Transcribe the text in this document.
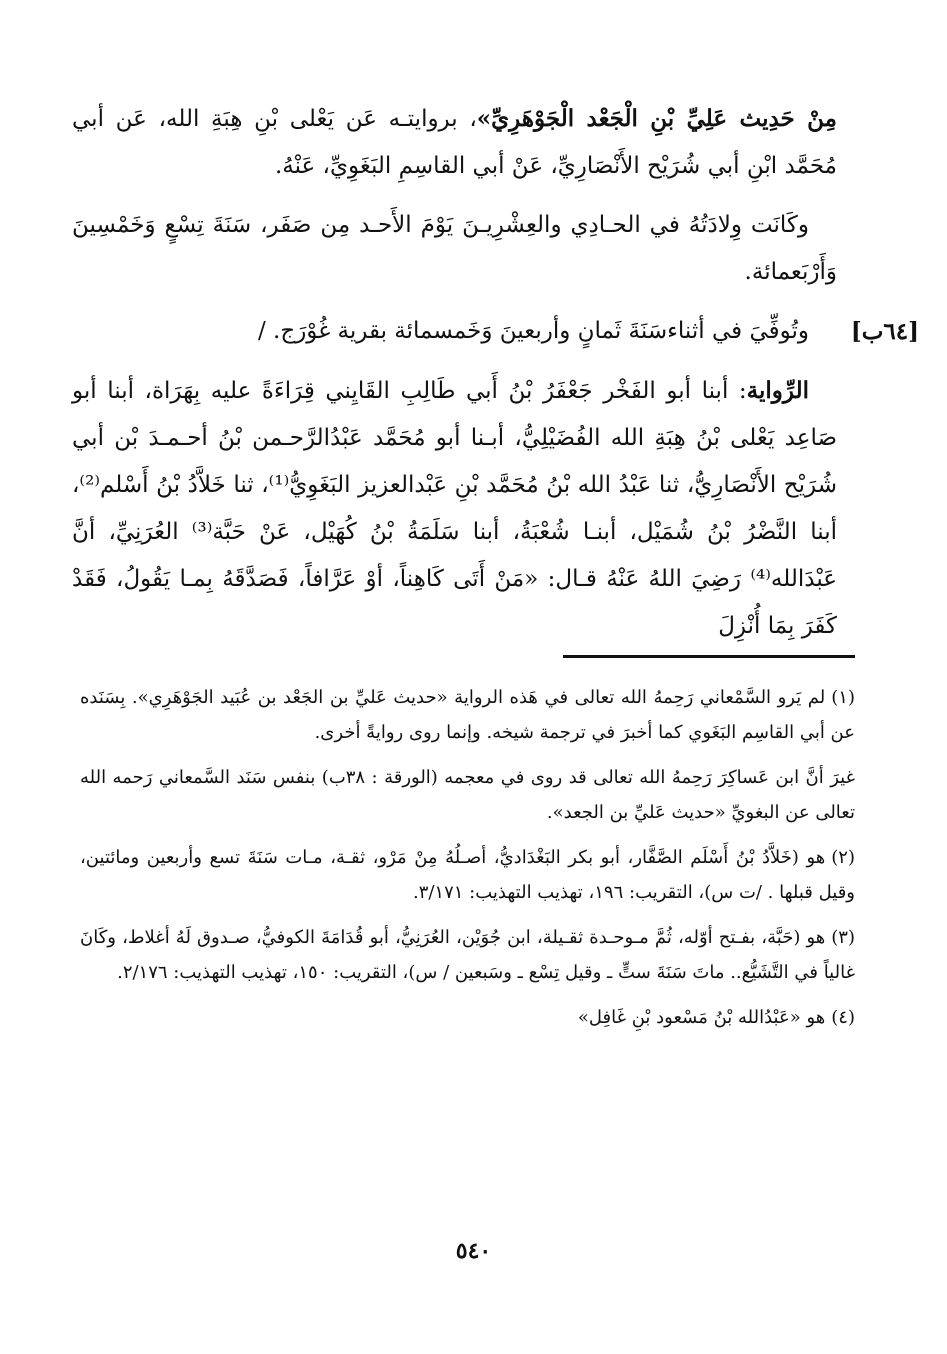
مِنْ حَدِيث عَلِيِّ بْنِ الْجَعْد الْجَوْهَرِيِّ»، بروايتـه عَن يَعْلى بْنِ هِبَةِ الله، عَن أبي مُحَمَّد ابْنِ أبي شُرَيْح الأَنْصَارِيِّ، عَنْ أبي القاسِمِ البَغَوِيِّ، عَنْهُ.

وكَانَت وِلادَتُهُ في الحـادِي والعِشْرِيـنَ يَوْمَ الأَحـد مِن صَفَر، سَنَةَ تِسْعٍ وَخَمْسِينَ وَأَرْبَعمائة.

[٦٤ب]
وتُوفِّيَ في أثناءسَنَةَ ثَمانٍ وأربعينَ وَخَمسمائة بقرية غُوْرَج. /

الرِّواية: أبنا أبو الفَخْر جَعْفَرُ بْنُ أَبي طَالِبِ القَايِني قِرَاءَةً عليه بِهَرَاة، أبنا أبو صَاعِد يَعْلى بْنُ هِبَةِ الله الفُضَيْلِيُّ، أبـنا أبو مُحَمَّد عَبْدُالرَّحـمن بْنُ أحـمـدَ بْن أبي شُرَيْح الأَنْصَارِيُّ، ثنا عَبْدُ الله بْنُ مُحَمَّد بْنِ عَبْدالعزيز البَغَوِيُّ⁽¹⁾، ثنا خَلاَّدُ بْنُ أَسْلم⁽²⁾، أبنا النَّضْرُ بْنُ شُمَيْل، أبنـا شُعْبَةُ، أبنا سَلَمَةُ بْنُ كُهَيْل، عَنْ حَبَّة⁽³⁾ العُرَنِيِّ، أنَّ عَبْدَالله⁽⁴⁾ رَضِيَ اللهُ عَنْهُ قـال: «مَنْ أَتَى كَاهِناً، أوْ عَرَّافاً، فَصَدَّقَهُ بِمـا يَقُولُ، فَقَدْ كَفَرَ بِمَا أُنْزِلَ

(١)لم يَرو السَّمْعاني رَحِمهُ الله تعالى في هَذه الرواية «حديث عَليِّ بن الجَعْد بن عُبَيد الجَوْهَرِي». بِسَنَده عن أبي القاسِم البَغَوي كما أخبرَ في ترجمة شيخه. وإنما روى روايةً أخرى.

غيرَ أنَّ ابن عَساكِرَ رَحِمهُ الله تعالى قد روى في معجمه (الورقة : ٣٨ب) بنفس سَنَد السَّمعاني رَحمه الله تعالى عن البغويِّ «حديث عَليِّ بن الجعد».

(٢)هو (خَلاَّدُ بْنُ أَسْلَم الصَّفَّار، أبو بكر البَغْدَاديُّ، أصـلُهُ مِنْ مَرْو، ثقـة، مـات سَنَةَ تسع وأربعين ومائتين، وقيل قبلها . /ت س)، التقريب: ١٩٦، تهذيب التهذيب: ٣/١٧١.

(٣)هو (حَبَّة، بفـتح أوّله، ثُمَّ مـوحـدة ثقـيلة، ابن جُوَيْن، العُرَنِيُّ، أبو قُدَامَةَ الكوفيُّ، صـدوق لَهُ أغلاط، وكَانَ غالياً في التَّشَيُّع.. ماتَ سَنَةَ ستٍّ ـ وقيل تِسْع ـ وسَبعين / س)، التقريب: ١٥٠، تهذيب التهذيب: ٢/١٧٦.

(٤)هو «عَبْدُالله بْنُ مَسْعود بْنِ غَافِل»

٥٤٠
